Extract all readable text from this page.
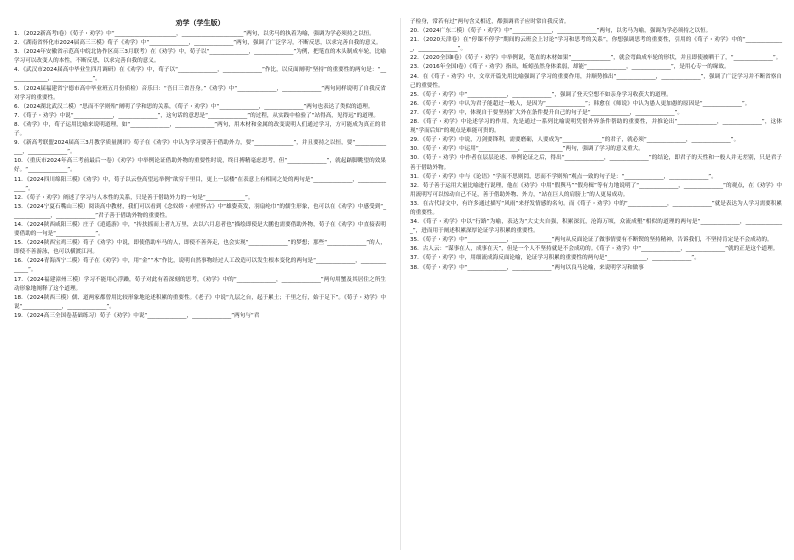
劝学（学生版）
1．（2022新高考Ⅰ卷）《荀子・劝学》中“______________________，______________________”两句，以劣马的执着为喻，强调为学必须持之以恒。
2．《湖南省怀化市2024届高三三模》荀子《劝学》中“______________，______________”两句，强调了广泛学习，不断反思，以求完善自我的意义。
3．（2024年安徽省示范高中皖北协作区高三3月联考）在《劝学》中，荀子以“______________，______________”为例，把笔直的木头制成车轮，比喻学习可以改变人的本性，不断反思，以求完善自我的意义。
4．《武汉市2024届高中毕业生四月调研》在《劝学》中，荀子以“______________，______________”作比，以反面阐明“坚持”的重要性的两句是：“______________，______________”。
5．（2024届福建省宁德市高中毕业班五月份质检）音乐曰：“吾日三省吾身。”《劝学》中“______________，______________”两句同样说明了自我反省对学习的重要性。
6．（2024湖北武汉二模）“思而不学则殆”阐明了学和思的关系，《荀子・劝学》中“______________，______________”两句也表达了类似的道理。
7．《荀子・劝学》中说“______________，______________”，这句话的意思是“______________”的过程，从实践中检验了“站得高，见得远”的道理。
8．《劝学》中，荀子运用比喻来说明道理，如“______________，______________”两句，用木材和金属的改变说明人们通过学习，方可能成为真正的君子。
9．《新高考联盟2024届高三3月教学质量测评》荀子在《劝学》中认为学习要善于借助外力，要“______________”，并且要持之以恒，要“______________，______________”。
10．（重庆市2024年高三考前最后一卷）《劝学》中举例论证借助外物的重要性时说，终日搏精毫虑思考，但“______________”，就起踮脚眺望的效果好。“______________”。
11．《2024四川绵阳三模》《劝学》中，荀子以云登高望远举例“欲穷千里目，更上一层楼”在表意上有相同之处的两句是“______________，______________”。
12．《荀子・劝学》阐述了学习与人本性的关系，只是善于借助外力的一句是“______________”。
13．（2024宁夏石嘴山三模）阅读高中教材，我们可以看到《念奴娇・赤壁怀古》中“雄姿英发，羽扇纶巾”的儒生形象，也可以在《劝学》中感受到“______________，______________”君子善于借助外物的重要性。
14．（2024陕西咸阳三模）庄子《逍遥游》中，“抟扶摇而上者九万里，去以六月息者也”描绘即使是大鹏也需要借助外物，荀子在《劝学》中直接表明要借助的一句是“______________”。
15．（2024陕西宝鸡三模）荀子《劝学》中说，即使借助车马的人，即使不善奔走，也会实现“______________”的梦想；那些“______________”的人，即使不善游泳，也可以横渡江河。
16．（2024青海西宁二模）荀子在《劝学》中，用“金”“木”作比，说明自然事物经过人工改造可以发生根本变化的两句是“______________，______________”。
17．（2024福建漳州三模）学习不能用心浮躁，荀子对此有着深刻的思考，《劝学》中的“______________，______________”两句用蟹及其居住之所生动形象地阐释了这个道理。
18．（2024陕西三模）儒、道两家都曾用比较形象地论述积累的重要性。《老子》中说“九层之台，起于累土；千里之行，始于足下”。《荀子・劝学》中说“______________，______________”。
19．（2024高三全国卷基础练习）荀子《劝学》中说“______________，______________”两句与“君
子检身，常若有过”两句含义相近，都强调君子应时常自我反省。
20．（2024广东二模）《荀子・劝学》中“______________，______________”两句，以劣马为喻，强调为学必须持之以恒。
21．（2020天津卷）在“停课不停学”期间的云班会上讨论“学习和思考的关系”，你想强调思考的重要性，引用的《荀子・劝学》中的“______________，______________”。
22．（2020全国Ⅱ卷）《荀子・劝学》中举例说，笔直的木材如果“______________”，就会弯曲成车轮的形状，并且即使被晒干了，“______________”。
23．（2016年全国Ⅰ卷）《荀子・劝学》指出，蚯蚓虽然身体柔弱，却能“______________，______________”，是用心专一的缘故。
24．在《荀子・劝学》中，文章开篇先用比喻强调了学习的重要作用，并顺势推出“______________，______________”，强调了广泛学习并不断省察自己的重要性。
25．《荀子・劝学》中“______________，______________”，强调了登天空想不如亲身学习收获大的道理。
26．《荀子・劝学》中认为君子能超过一般人，是因为“______________”；韩愈在《师说》中认为愚人更加愚的原因是“______________”。
27．《荀子・劝学》中，体现自于要坚持扩大外在条件提升自己的句子是“______________，______________”。
28．《荀子・劝学》中论述学习的作用，先是通过一系列比喻说明凭借外界条件帮助的重要性，并推论出“______________，______________”，这体现“学而后知”的观点是难能可贵的。
29．《荀子・劝学》中说，刀剑要锋利，需要磨砺，人要成为“______________”的君子，就必须“______________，______________”。
30．《荀子・劝学》中运用“______________，______________”两句，强调了学习的意义重大。
30．《荀子・劝学》中作者在层层论述、举例论证之后，得出“______________，______________”的结论，即君子的天性和一般人并无差别，只是君子善于借助外物。
31．《荀子・劝学》中与《论语》“学而不思则罔，思而不学则殆”观点一致的句子是：“______________，______________”。
32．荀子善于运用大量比喻进行说理，他在《劝学》中用“假舆马”“假舟楫”等有力地说明了“______________，______________”的观点，在《劝学》中用流明写可以惊动自己不足，善于借助外物、外力，“站在巨人的肩膀上”的人更易成功。
33．在古代诗文中，有许多通过描写“风雨”来抒发情感的名句。而《荀子・劝学》中的“______________，______________”就是表达为人学习需要积累的重要性。
34．《荀子・劝学》中以“行路”为喻，表达为“大丈夫自强，积累深沉，沧海万顷，众流成壑”相似的道理的两句是“______________，______________”，进而用于阐述积累深厚论证学习积累的重要性。
35．《荀子・劝学》中“______________，______________”两句从反面论证了做事情要有不断锲的坚持精神，告诉我们，不坚持肯定是不会成功的。
36．古人云：“谋事在人，成事在天”，但是一个人不坚持就是不会成功的。《荀子・劝学》中“______________，______________”就的正是这个道理。
37．《荀子・劝学》中，用细流成海反面论喻，论证学习积累的重要性的两句是“______________，______________”。
38．《荀子・劝学》中“______________，______________”两句以良马论喻，来说明学习和做事
